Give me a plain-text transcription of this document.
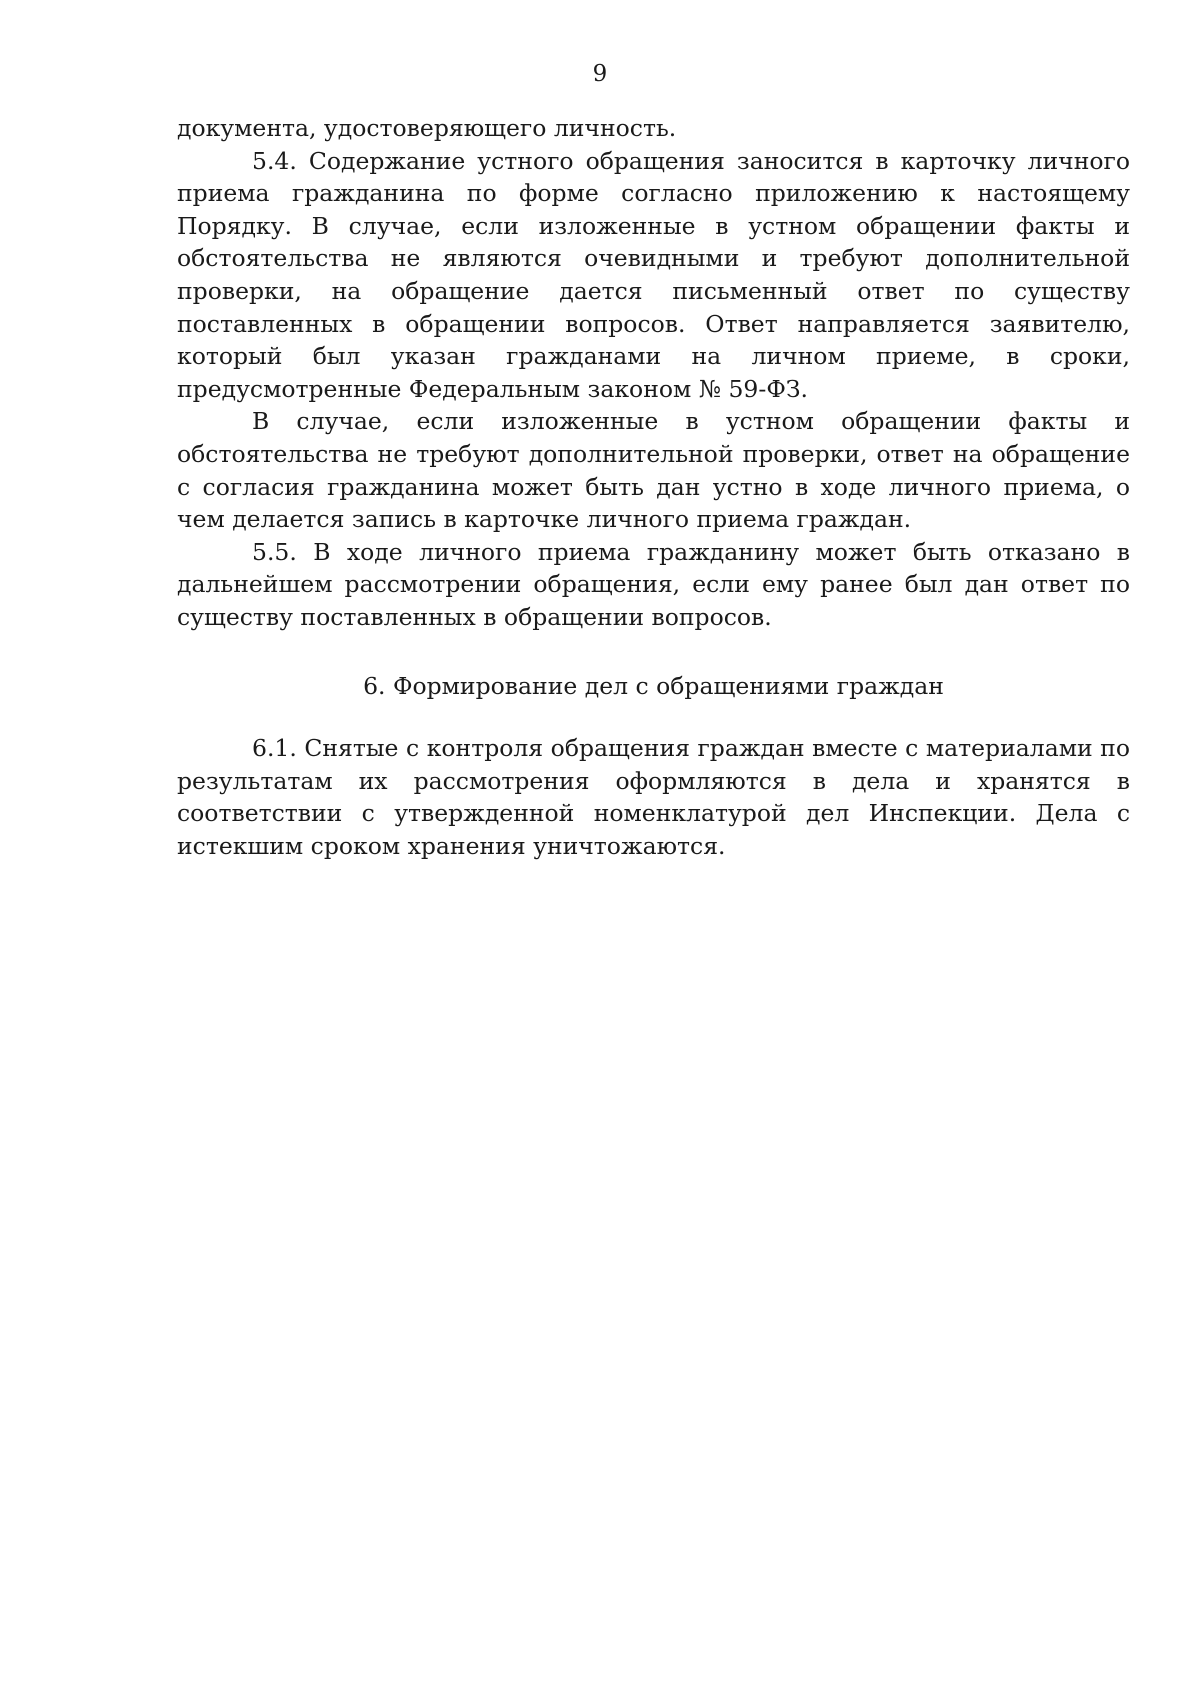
9

документа, удостоверяющего личность.

5.4. Содержание устного обращения заносится в карточку личного приема гражданина по форме согласно приложению к настоящему Порядку. В случае, если изложенные в устном обращении факты и обстоятельства не являются очевидными и требуют дополнительной проверки, на обращение дается письменный ответ по существу поставленных в обращении вопросов. Ответ направляется заявителю, который был указан гражданами на личном приеме, в сроки, предусмотренные Федеральным законом № 59-ФЗ.

В случае, если изложенные в устном обращении факты и обстоятельства не требуют дополнительной проверки, ответ на обращение с согласия гражданина может быть дан устно в ходе личного приема, о чем делается запись в карточке личного приема граждан.

5.5. В ходе личного приема гражданину может быть отказано в дальнейшем рассмотрении обращения, если ему ранее был дан ответ по существу поставленных в обращении вопросов.

6. Формирование дел с обращениями граждан

6.1. Снятые с контроля обращения граждан вместе с материалами по результатам их рассмотрения оформляются в дела и хранятся в соответствии с утвержденной номенклатурой дел Инспекции. Дела с истекшим сроком хранения уничтожаются.
